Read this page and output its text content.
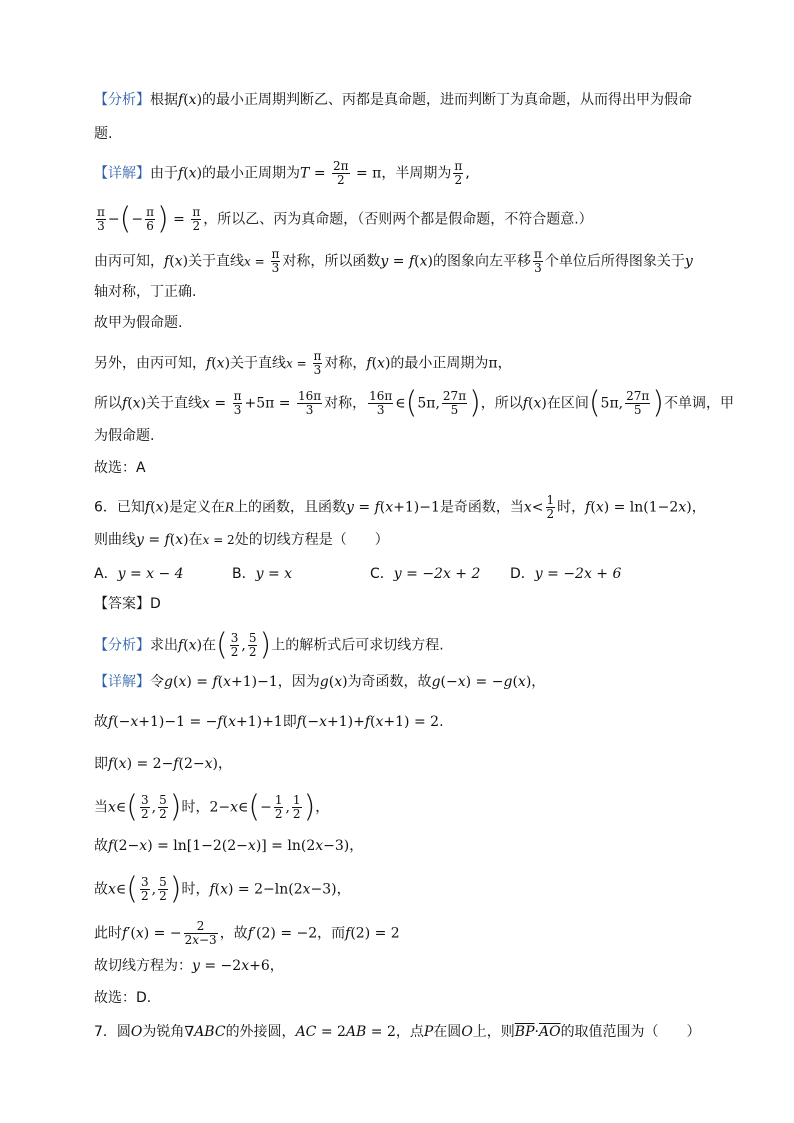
【分析】根据f(x)的最小正周期判断乙、丙都是真命题，进而判断丁为真命题，从而得出甲为假命
题.
【详解】由于f(x)的最小正周期为$T = \frac{2\pi}{2} = \pi$，半周期为 $\frac{\pi}{2}$ ,
$\frac{\pi}{3}$ −(− $\frac{\pi}{6}$ ) = $\frac{\pi}{2}$ ，所以乙、丙为真命题，（否则两个都是假命题，不符合题意.）
由丙可知，f(x)关于直线$x = \frac{\pi}{3}$ 对称，所以函数y = f(x)的图象向左平移 $\frac{\pi}{3}$ 个单位后所得图象关于y
轴对称，丁正确.
故甲为假命题.
另外，由丙可知，f(x)关于直线$x = \frac{\pi}{3}$ 对称，f(x)的最小正周期为π，
所以f(x)关于直线$x = \frac{\pi}{3} +5\pi = \frac{16\pi}{3}$ 对称， $\frac{16\pi}{3}$ ∈(5π, $\frac{27\pi}{5}$ )，所以f(x)在区间(5π, $\frac{27\pi}{5}$ )不单调，甲
为假命题.
故选：A
6．已知f(x)是定义在R上的函数，且函数y = f(x+1)−1是奇函数，当$x< \frac{1}{2}$ 时，f(x) = ln(1−2x)，
则曲线y = f(x)在x = 2处的切线方程是（　　）
A．y = x − 4	B．y = x	C．y = −2x + 2 D．y = −2x + 6
【答案】D
【分析】求出f(x)在( $\frac{3}{2}$ , $\frac{5}{2}$ )上的解析式后可求切线方程.
【详解】令g(x) = f(x+1)−1，因为g(x)为奇函数，故g(−x) = −g(x)，
故f(−x+1)−1 = −f(x+1)+1即f(−x+1)+f(x+1) = 2.
即f(x) = 2−f(2−x)，
当x∈( $\frac{3}{2}$ , $\frac{5}{2}$ )时，2−x∈(− $\frac{1}{2}$ , $\frac{1}{2}$ )，
故f(2−x) = ln[1−2(2−x)] = ln(2x−3)，
故x∈( $\frac{3}{2}$ , $\frac{5}{2}$ )时，f(x) = 2−ln(2x−3)，
此时f′(x) = − $\frac{2}{2x-3}$ ，故f′(2) = −2，而f(2) = 2
故切线方程为：y = −2x+6，
故选：D.
7．圆O为锐角∇ABC的外接圆，AC = 2AB = 2，点P在圆O上，则$\overline{BP}\cdot\overline{AO}$的取值范围为（　　）
